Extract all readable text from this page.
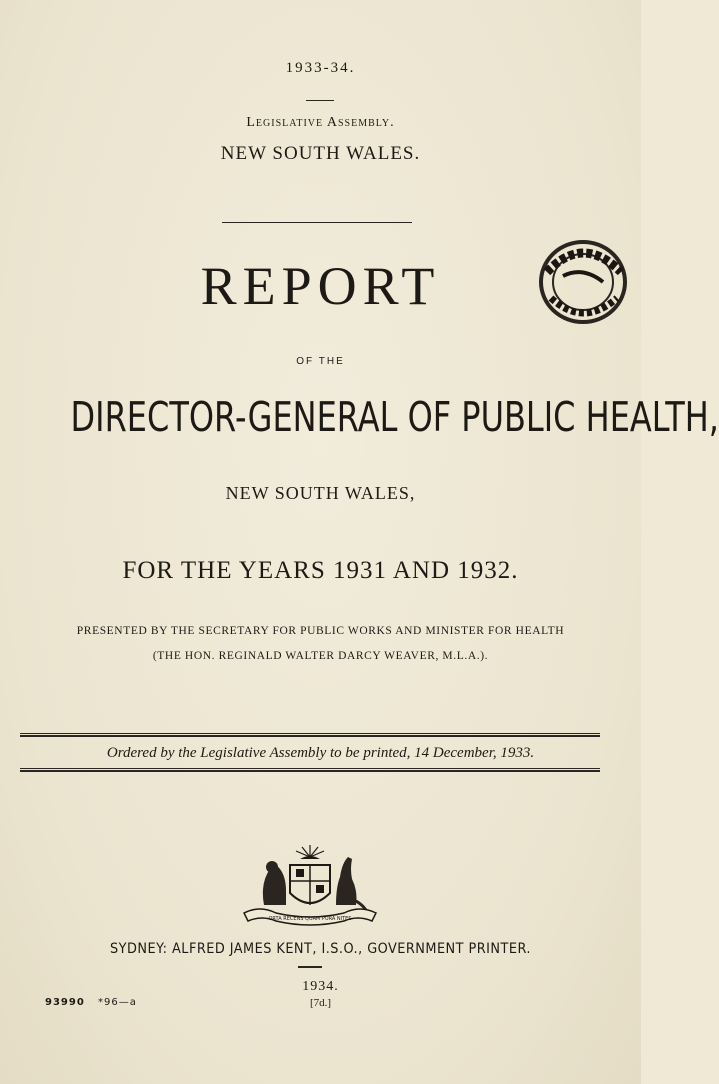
1933-34.
Legislative Assembly.
NEW SOUTH WALES.
REPORT
OF THE
DIRECTOR-GENERAL OF PUBLIC HEALTH,
NEW SOUTH WALES,
FOR THE YEARS 1931 AND 1932.
PRESENTED BY THE SECRETARY FOR PUBLIC WORKS AND MINISTER FOR HEALTH
(THE HON. REGINALD WALTER DARCY WEAVER, M.L.A.).
Ordered by the Legislative Assembly to be printed, 14 December, 1933.
ORTA RECENS QUAM PURA NITES
SYDNEY: ALFRED JAMES KENT, I.S.O., GOVERNMENT PRINTER.
1934.
[7d.]
93990 *96—a
